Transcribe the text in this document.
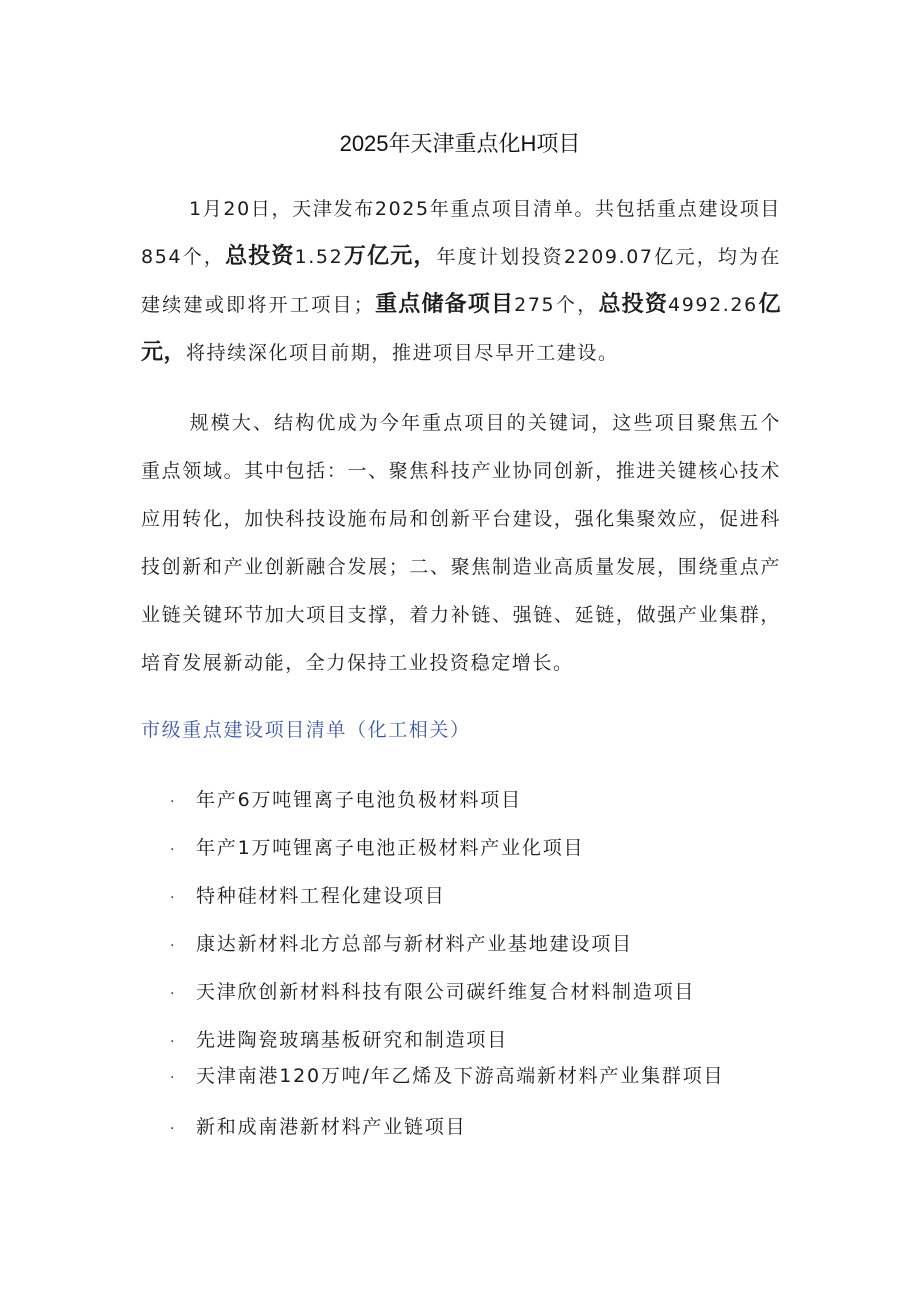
2025年天津重点化H项目

1月20日，天津发布2025年重点项目清单。共包括重点建设项目854个，总投资1.52万亿元，年度计划投资2209.07亿元，均为在建续建或即将开工项目；重点储备项目275个，总投资4992.26亿元，将持续深化项目前期，推进项目尽早开工建设。

规模大、结构优成为今年重点项目的关键词，这些项目聚焦五个重点领域。其中包括：一、聚焦科技产业协同创新，推进关键核心技术应用转化，加快科技设施布局和创新平台建设，强化集聚效应，促进科技创新和产业创新融合发展；二、聚焦制造业高质量发展，围绕重点产业链关键环节加大项目支撑，着力补链、强链、延链，做强产业集群，培育发展新动能，全力保持工业投资稳定增长。

市级重点建设项目清单（化工相关）
· 年产6万吨锂离子电池负极材料项目
· 年产1万吨锂离子电池正极材料产业化项目
· 特种硅材料工程化建设项目
· 康达新材料北方总部与新材料产业基地建设项目
· 天津欣创新材料科技有限公司碳纤维复合材料制造项目
· 先进陶瓷玻璃基板研究和制造项目
· 天津南港120万吨/年乙烯及下游高端新材料产业集群项目
· 新和成南港新材料产业链项目
